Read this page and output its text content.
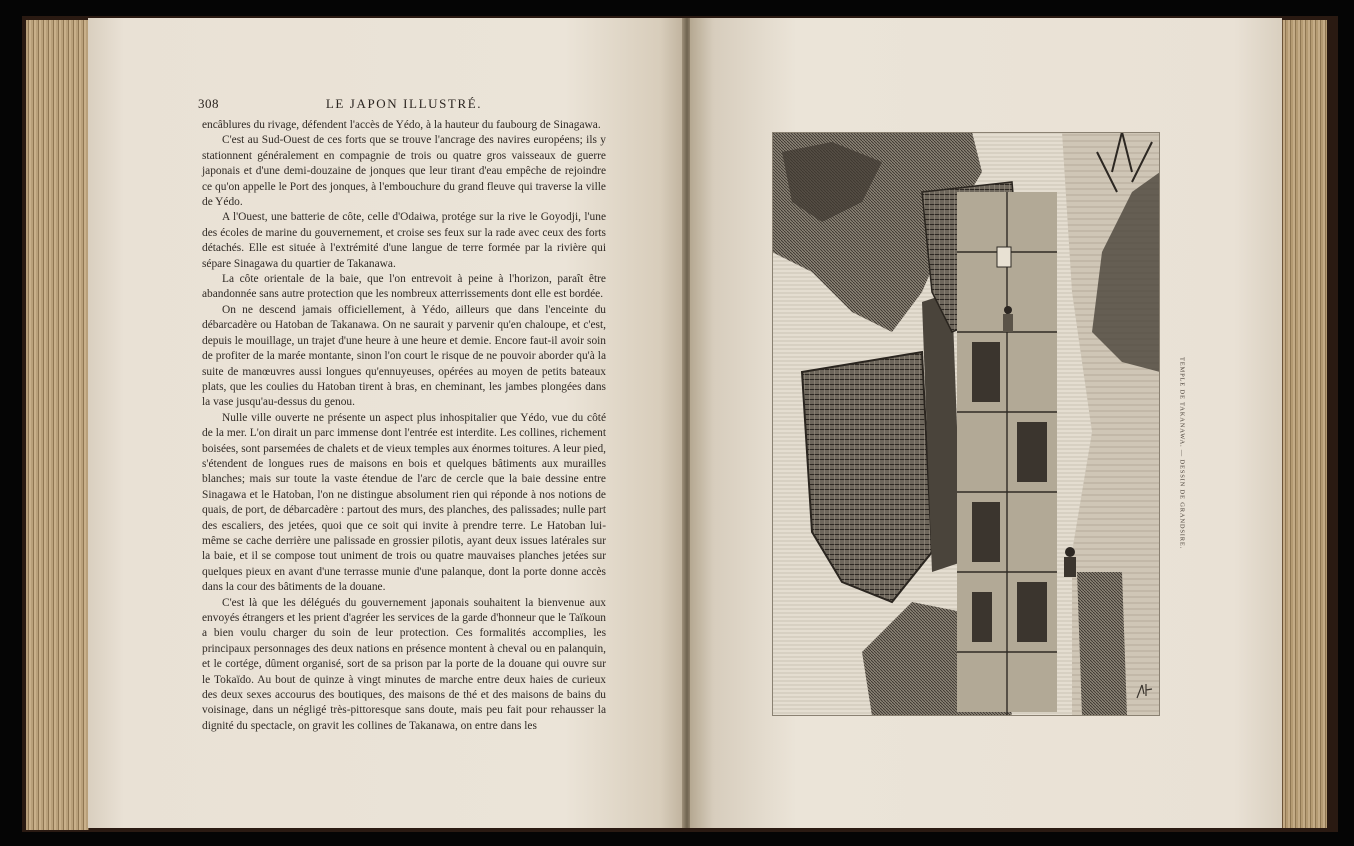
308	LE JAPON ILLUSTRÉ.

encâblures du rivage, défendent l'accès de Yédo, à la hauteur du faubourg de Sinagawa.

C'est au Sud-Ouest de ces forts que se trouve l'ancrage des navires européens; ils y stationnent généralement en compagnie de trois ou quatre gros vaisseaux de guerre japonais et d'une demi-douzaine de jonques que leur tirant d'eau empêche de rejoindre ce qu'on appelle le Port des jonques, à l'embouchure du grand fleuve qui traverse la ville de Yédo.

A l'Ouest, une batterie de côte, celle d'Odaiwa, protége sur la rive le Goyodji, l'une des écoles de marine du gouvernement, et croise ses feux sur la rade avec ceux des forts détachés. Elle est située à l'extrémité d'une langue de terre formée par la rivière qui sépare Sinagawa du quartier de Takanawa.

La côte orientale de la baie, que l'on entrevoit à peine à l'horizon, paraît être abandonnée sans autre protection que les nombreux atterrissements dont elle est bordée.

On ne descend jamais officiellement, à Yédo, ailleurs que dans l'enceinte du débarcadère ou Hatoban de Takanawa. On ne saurait y parvenir qu'en chaloupe, et c'est, depuis le mouillage, un trajet d'une heure à une heure et demie. Encore faut-il avoir soin de profiter de la marée montante, sinon l'on court le risque de ne pouvoir aborder qu'à la suite de manœuvres aussi longues qu'ennuyeuses, opérées au moyen de petits bateaux plats, que les coulies du Hatoban tirent à bras, en cheminant, les jambes plongées dans la vase jusqu'au-dessus du genou.

Nulle ville ouverte ne présente un aspect plus inhospitalier que Yédo, vue du côté de la mer. L'on dirait un parc immense dont l'entrée est interdite. Les collines, richement boisées, sont parsemées de chalets et de vieux temples aux énormes toitures. A leur pied, s'étendent de longues rues de maisons en bois et quelques bâtiments aux murailles blanches; mais sur toute la vaste étendue de l'arc de cercle que la baie dessine entre Sinagawa et le Hatoban, l'on ne distingue absolument rien qui réponde à nos notions de quais, de port, de débarcadère : partout des murs, des planches, des palissades; nulle part des escaliers, des jetées, quoi que ce soit qui invite à prendre terre. Le Hatoban lui-même se cache derrière une palissade en grossier pilotis, ayant deux issues latérales sur la baie, et il se compose tout uniment de trois ou quatre mauvaises planches jetées sur quelques pieux en avant d'une terrasse munie d'une palanque, dont la porte donne accès dans la cour des bâtiments de la douane.

C'est là que les délégués du gouvernement japonais souhaitent la bienvenue aux envoyés étrangers et les prient d'agréer les services de la garde d'honneur que le Taïkoun a bien voulu charger du soin de leur protection. Ces formalités accomplies, les principaux personnages des deux nations en présence montent à cheval ou en palanquin, et le cortége, dûment organisé, sort de sa prison par la porte de la douane qui ouvre sur le Tokaïdo. Au bout de quinze à vingt minutes de marche entre deux haies de curieux des deux sexes accourus des boutiques, des maisons de thé et des maisons de bains du voisinage, dans un négligé très-pittoresque sans doute, mais peu fait pour rehausser la dignité du spectacle, on gravit les collines de Takanawa, on entre dans les

TEMPLE DE TAKANAWA. — DESSIN DE GRANDSIRE.
